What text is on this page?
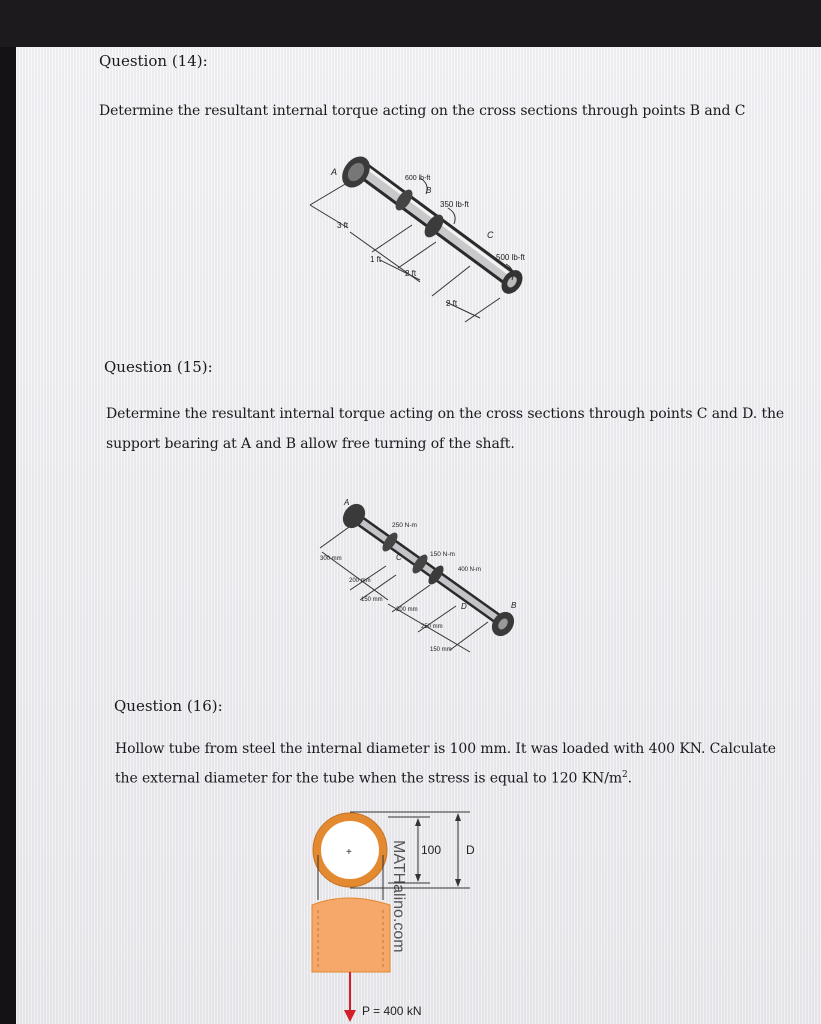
Question (14):
Determine the resultant internal torque acting on the cross sections through points B and C
A
B
C
600 lb-ft
350 lb-ft
500 lb-ft
3 ft
1 ft
2 ft
2 ft
Question (15):
Determine the resultant internal torque acting on the cross sections through points C and D. the
support bearing at A and B allow free turning of the shaft.
A
B
C
D
250 N-m
150 N-m
400 N-m
300 mm
200 mm
150 mm
200 mm
250 mm
150 mm
Question (16):
Hollow tube from steel the internal diameter is 100 mm. It was loaded with 400 KN. Calculate
the external diameter for the tube when the stress is equal to 120 $KN/m^2$.
+	100 D
MATHalino.com
P = 400 kN
